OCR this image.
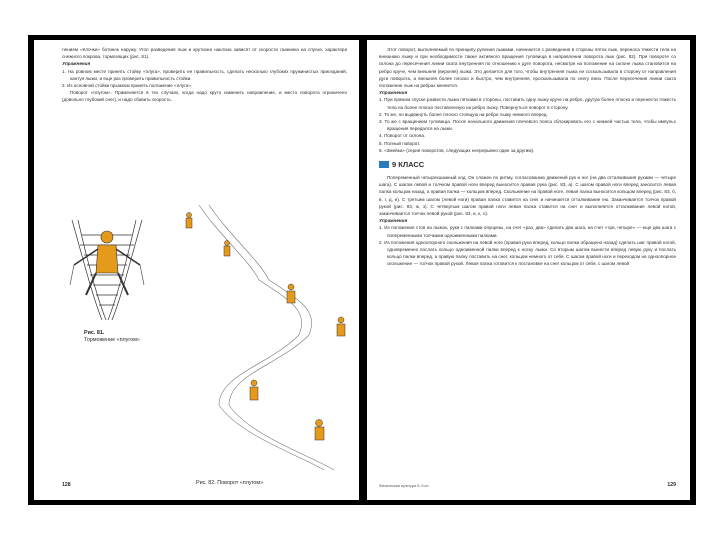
лением «ёлочки» ботинок наружу. Угол разведения лыж и крутизна наклона зависят от скорости лыжника на спуске, характера снежного покрова, тормозящих (рис. 81).

Упражнения

1. На ровном месте принять стойку «плуга», проверить ее правильность, сделать несколько глубоких пружинистых приседаний, кантуя лыжи, и еще раз проверить правильность стойки.

2. Из основной стойки прыжком принять положение «плуга».

Поворот «плугом». Применяется в тех случаях, когда надо круто изменить направление, и место поворота ограничено (довольно глубокий снег), и надо сбавить скорость.

Рис. 81.
Торможение «плугом»
Рис. 82. Поворот «плугом»
128

Этот поворот, выполняемый по принципу руления лыжами, начинается с разведения в стороны пяток лыж, переноса тяжести тела на внешнюю лыжу и при необходимости также активного вращения туловища в направлении поворота лыж (рис. 82). При повороте со склона до пересечения линии ската внутренняя по отношению к дуге поворота, несмотря на положение на склоне лыжа становится на ребро круче, чем внешняя (верхняя) лыжа. Это делается для того, чтобы внутренняя лыжа не соскальзывала в сторону от направления дуги поворота, а внешняя более плоско и быстро, чем внутренняя, проскальзывала по снегу вниз. После пересечения линии ската положение лыж на ребрах меняется.

Упражнения

1. При прямом спуске развести лыжи пятками в стороны, поставить одну лыжу круче на ребро, другую более плоско и перенести тяжесть тела на более плоско поставленную на ребро лыжу. Повернуться поворот в сторону.

2. То же, но выдвинуть более плоско стоящую на ребре лыжу немного вперед.

3. То же с вращением туловища. После начального движения плечевого пояса сблокировать его с нижней частью тела, чтобы импульс вращения передался на лыжи.

4. Поворот от склона.

5. Полный поворот.

6. «Змейка» (серия поворотов, следующих непрерывно один за другим).

9 КЛАСС

Попеременный четырехшажный ход. Он сложен по ритму, согласованию движений рук и ног (на два отталкивания руками — четыре шага). С шагом левой и толчком правой ноги вперед выносится правая рука (рис. 83, а). С шагом правой ноги вперед заносится левая палка кольцом назад, а правая палка — кольцом вперед. Скольжение на правой ноге, левая палка выносится кольцом вперед (рис. 83, б, в, г, д, е). С третьим шагом (левой ноги) правая палка ставится на снег и начинается отталкивание ею. Заканчивается толчок правой рукой (рис. 83, ж, з). С четвертым шагом правой ноги левая палка ставится на снег и выполняется отталкивание левой ногой, заканчивается толчок левой рукой (рис. 83, и, к, л).

Упражнения

1. Из положения стоя на лыжах, руки с палками опущены, на счет «раз, два» сделать два шага, на счет «три, четыре» — еще два шага с попеременными толчками одноименными палками.

2. Из положения одноопорного скольжения на левой ноге (правая рука вперед, кольцо палки обращено назад) сделать шаг правой ногой, одновременно послать кольцо одноименной палки вперед к носку лыжи. Со вторым шагом вынести вперед левую руку и послать кольцо палки вперед, а правую палку поставить на снег, кольцом немного от себя. С шагом правой ноги и переходом на одноопорное скольжение — толчок правой рукой. Левая палка готовится к постановке на снег кольцом от себя, с шагом левой

Физическая культура 5–9 кл.	129
